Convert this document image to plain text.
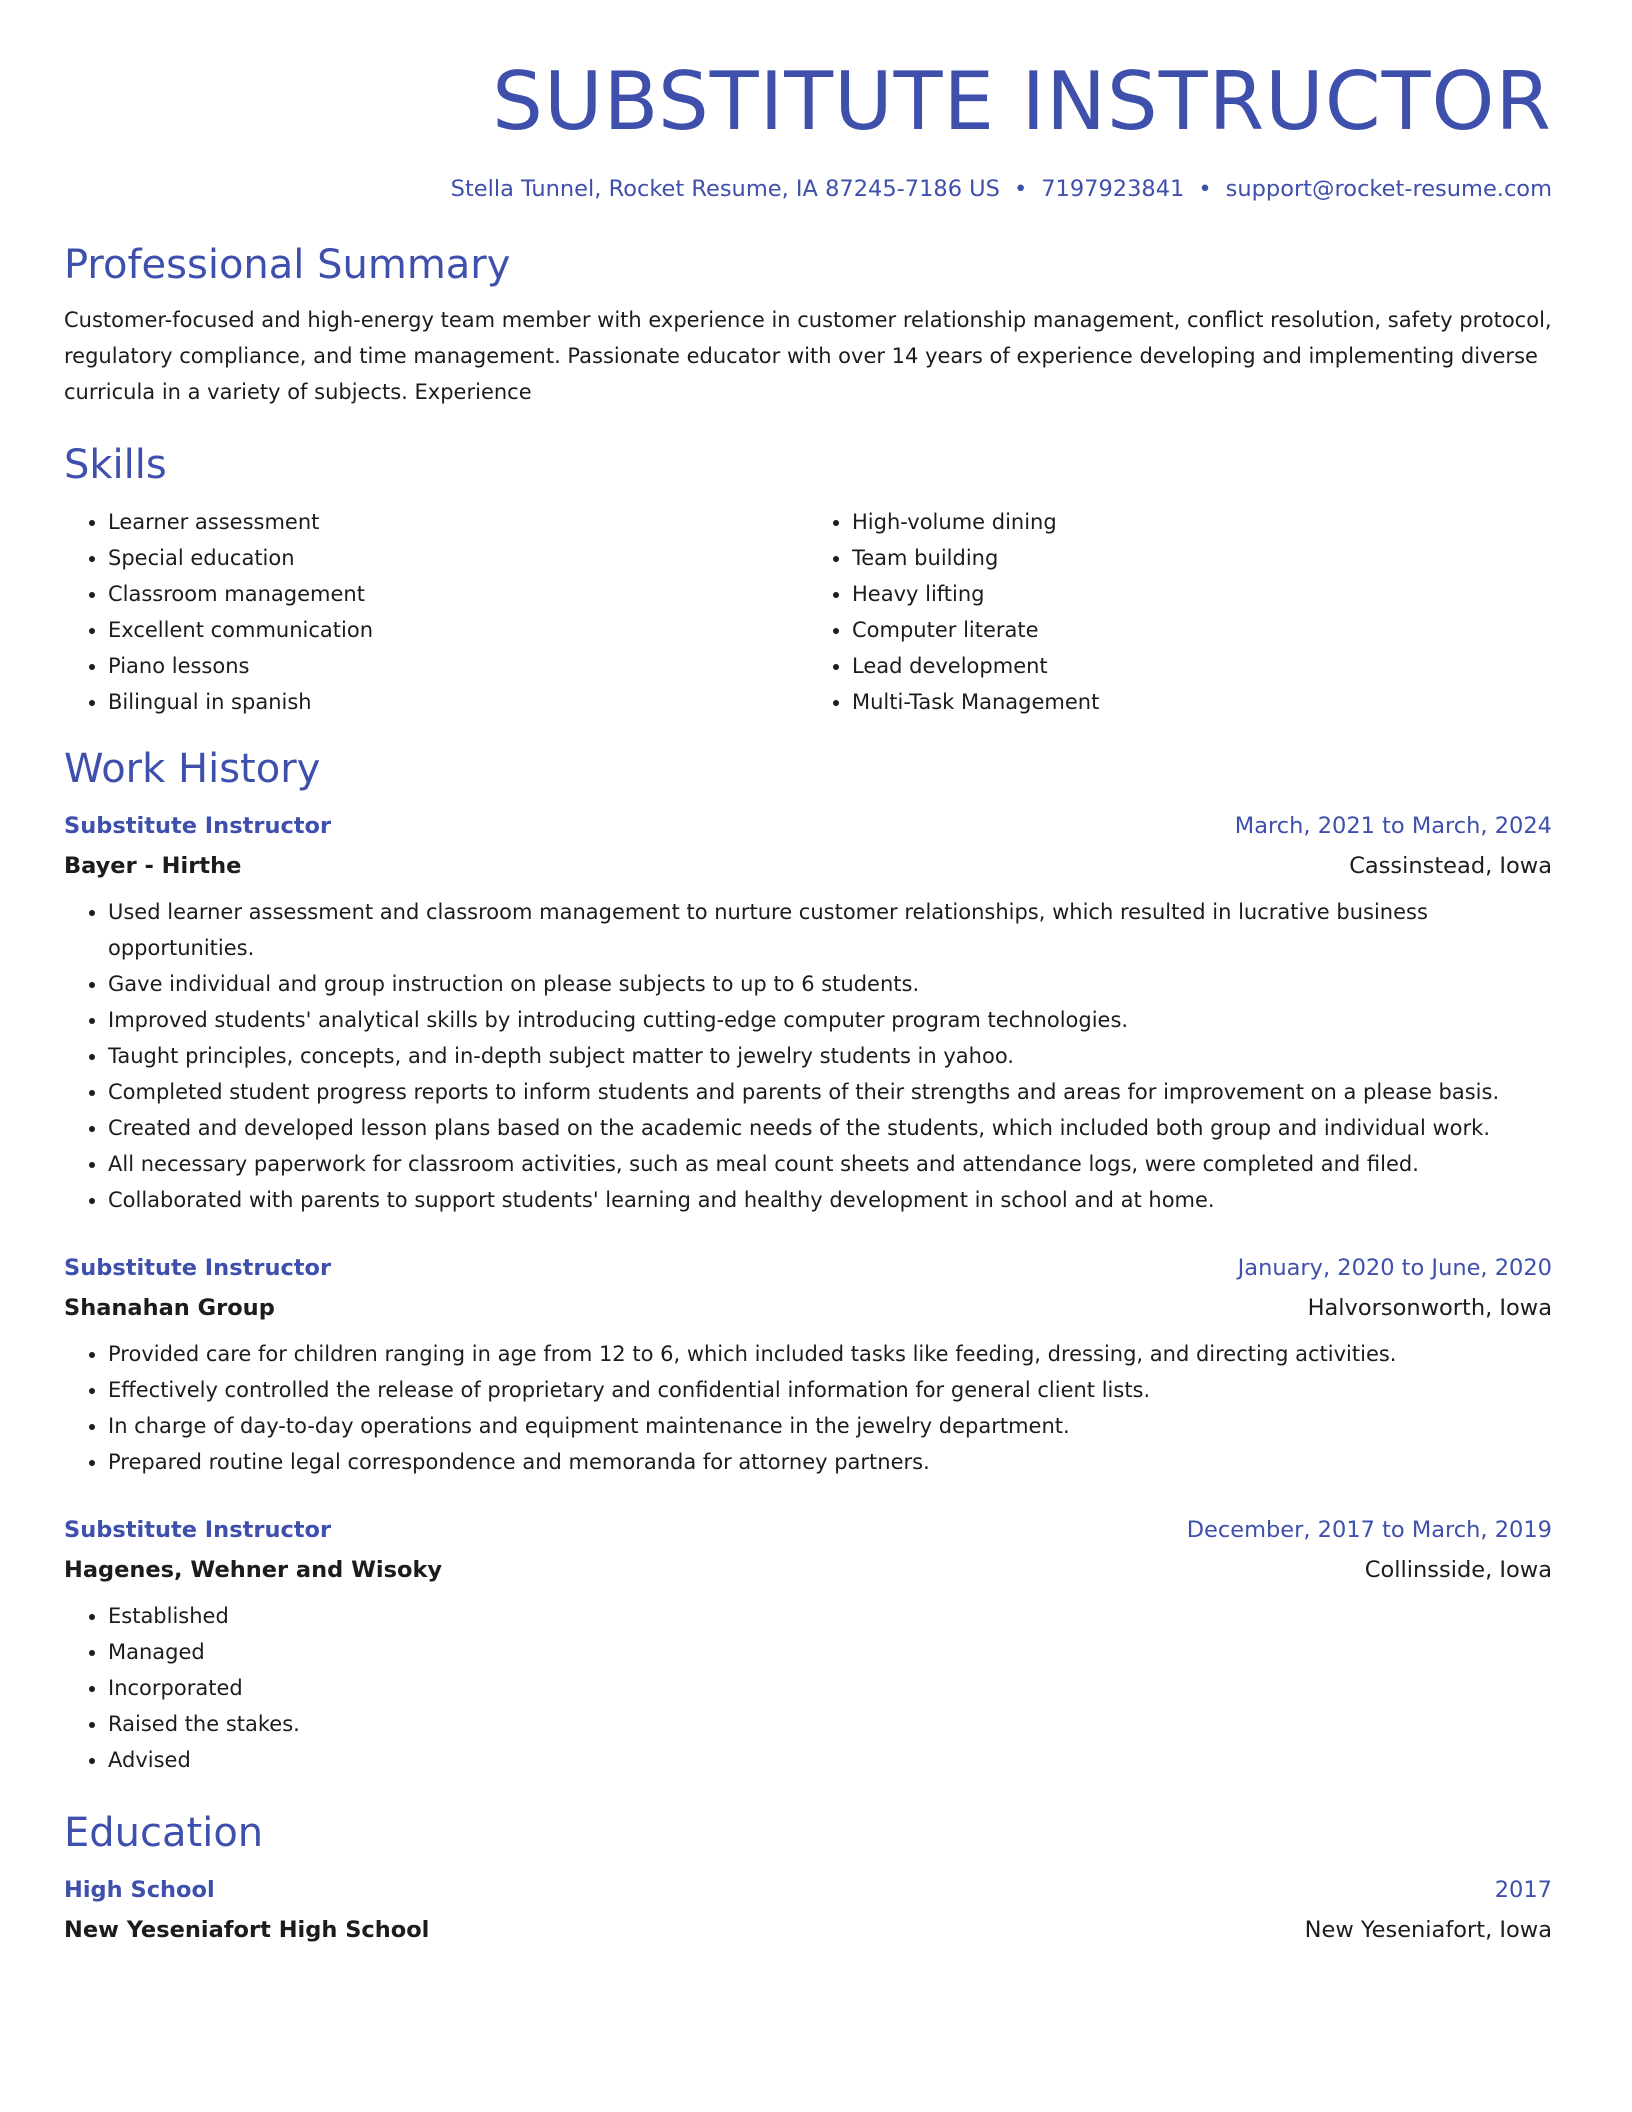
SUBSTITUTE INSTRUCTOR
Stella Tunnel, Rocket Resume, IA 87245-7186 US • 7197923841 • support@rocket-resume.com
Professional Summary
Customer-focused and high-energy team member with experience in customer relationship management, conflict resolution, safety protocol, regulatory compliance, and time management. Passionate educator with over 14 years of experience developing and implementing diverse curricula in a variety of subjects. Experience
Skills
• Learner assessment
• Special education
• Classroom management
• Excellent communication
• Piano lessons
• Bilingual in spanish
• High-volume dining
• Team building
• Heavy lifting
• Computer literate
• Lead development
• Multi-Task Management
Work History
Substitute Instructor	March, 2021 to March, 2024
Bayer - Hirthe	Cassinstead, Iowa
• Used learner assessment and classroom management to nurture customer relationships, which resulted in lucrative business opportunities.
• Gave individual and group instruction on please subjects to up to 6 students.
• Improved students' analytical skills by introducing cutting-edge computer program technologies.
• Taught principles, concepts, and in-depth subject matter to jewelry students in yahoo.
• Completed student progress reports to inform students and parents of their strengths and areas for improvement on a please basis.
• Created and developed lesson plans based on the academic needs of the students, which included both group and individual work.
• All necessary paperwork for classroom activities, such as meal count sheets and attendance logs, were completed and filed.
• Collaborated with parents to support students' learning and healthy development in school and at home.
Substitute Instructor	January, 2020 to June, 2020
Shanahan Group	Halvorsonworth, Iowa
• Provided care for children ranging in age from 12 to 6, which included tasks like feeding, dressing, and directing activities.
• Effectively controlled the release of proprietary and confidential information for general client lists.
• In charge of day-to-day operations and equipment maintenance in the jewelry department.
• Prepared routine legal correspondence and memoranda for attorney partners.
Substitute Instructor	December, 2017 to March, 2019
Hagenes, Wehner and Wisoky	Collinsside, Iowa
• Established
• Managed
• Incorporated
• Raised the stakes.
• Advised
Education
High School	2017
New Yeseniafort High School	New Yeseniafort, Iowa
